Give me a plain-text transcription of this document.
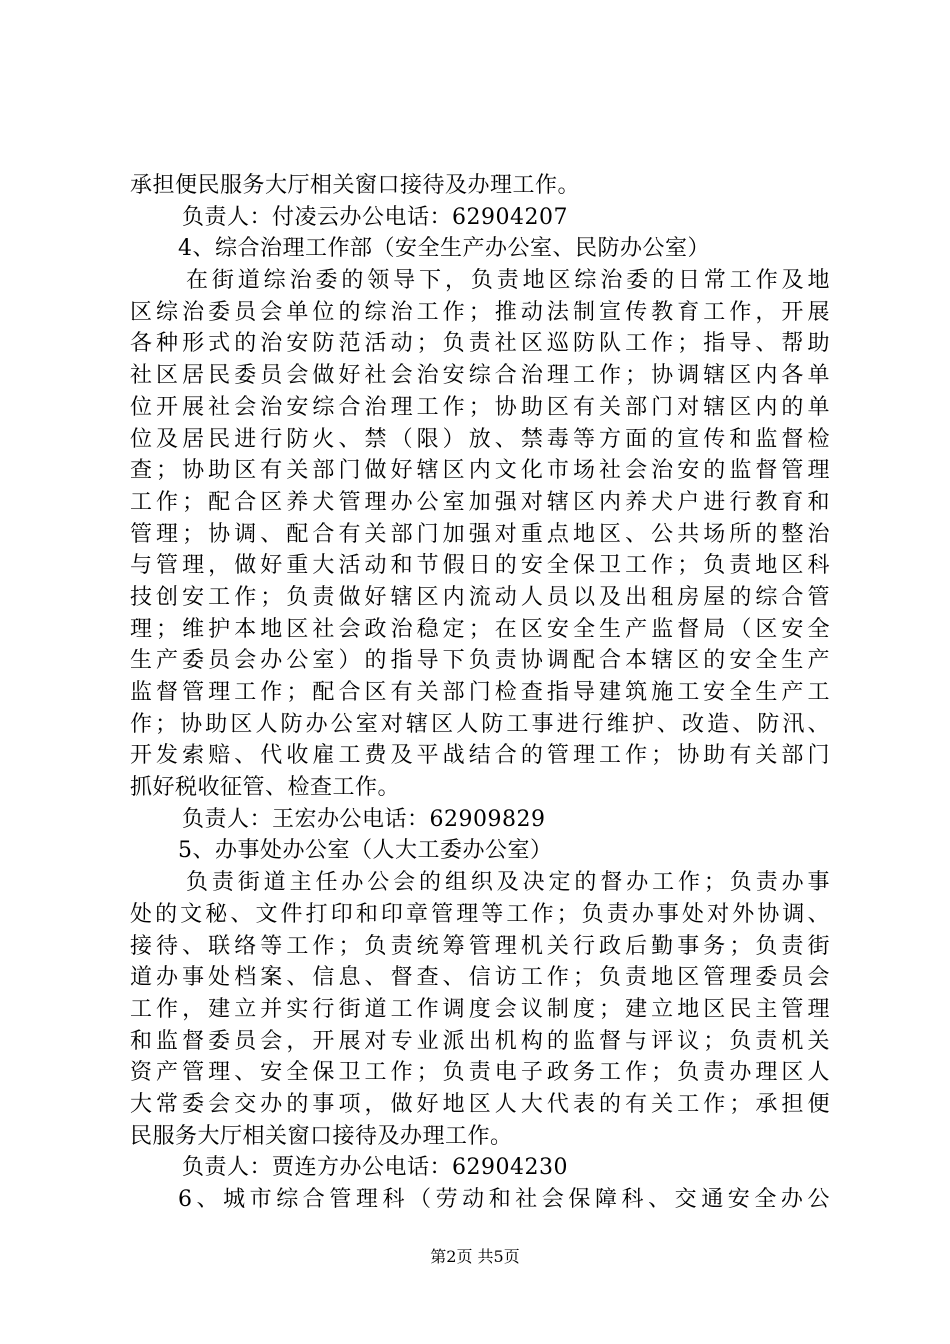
承担便民服务大厅相关窗口接待及办理工作。
负责人：付凌云办公电话：62904207
4、综合治理工作部（安全生产办公室、民防办公室）
在街道综治委的领导下，负责地区综治委的日常工作及地
区综治委员会单位的综治工作；推动法制宣传教育工作，开展
各种形式的治安防范活动；负责社区巡防队工作；指导、帮助
社区居民委员会做好社会治安综合治理工作；协调辖区内各单
位开展社会治安综合治理工作；协助区有关部门对辖区内的单
位及居民进行防火、禁（限）放、禁毒等方面的宣传和监督检
查；协助区有关部门做好辖区内文化市场社会治安的监督管理
工作；配合区养犬管理办公室加强对辖区内养犬户进行教育和
管理；协调、配合有关部门加强对重点地区、公共场所的整治
与管理，做好重大活动和节假日的安全保卫工作；负责地区科
技创安工作；负责做好辖区内流动人员以及出租房屋的综合管
理；维护本地区社会政治稳定；在区安全生产监督局（区安全
生产委员会办公室）的指导下负责协调配合本辖区的安全生产
监督管理工作；配合区有关部门检查指导建筑施工安全生产工
作；协助区人防办公室对辖区人防工事进行维护、改造、防汛、
开发索赔、代收雇工费及平战结合的管理工作；协助有关部门
抓好税收征管、检查工作。
负责人：王宏办公电话：62909829
5、办事处办公室（人大工委办公室）
负责街道主任办公会的组织及决定的督办工作；负责办事
处的文秘、文件打印和印章管理等工作；负责办事处对外协调、
接待、联络等工作；负责统筹管理机关行政后勤事务；负责街
道办事处档案、信息、督查、信访工作；负责地区管理委员会
工作，建立并实行街道工作调度会议制度；建立地区民主管理
和监督委员会，开展对专业派出机构的监督与评议；负责机关
资产管理、安全保卫工作；负责电子政务工作；负责办理区人
大常委会交办的事项，做好地区人大代表的有关工作；承担便
民服务大厅相关窗口接待及办理工作。
负责人：贾连方办公电话：62904230
6、城市综合管理科（劳动和社会保障科、交通安全办公
第2页 共5页
